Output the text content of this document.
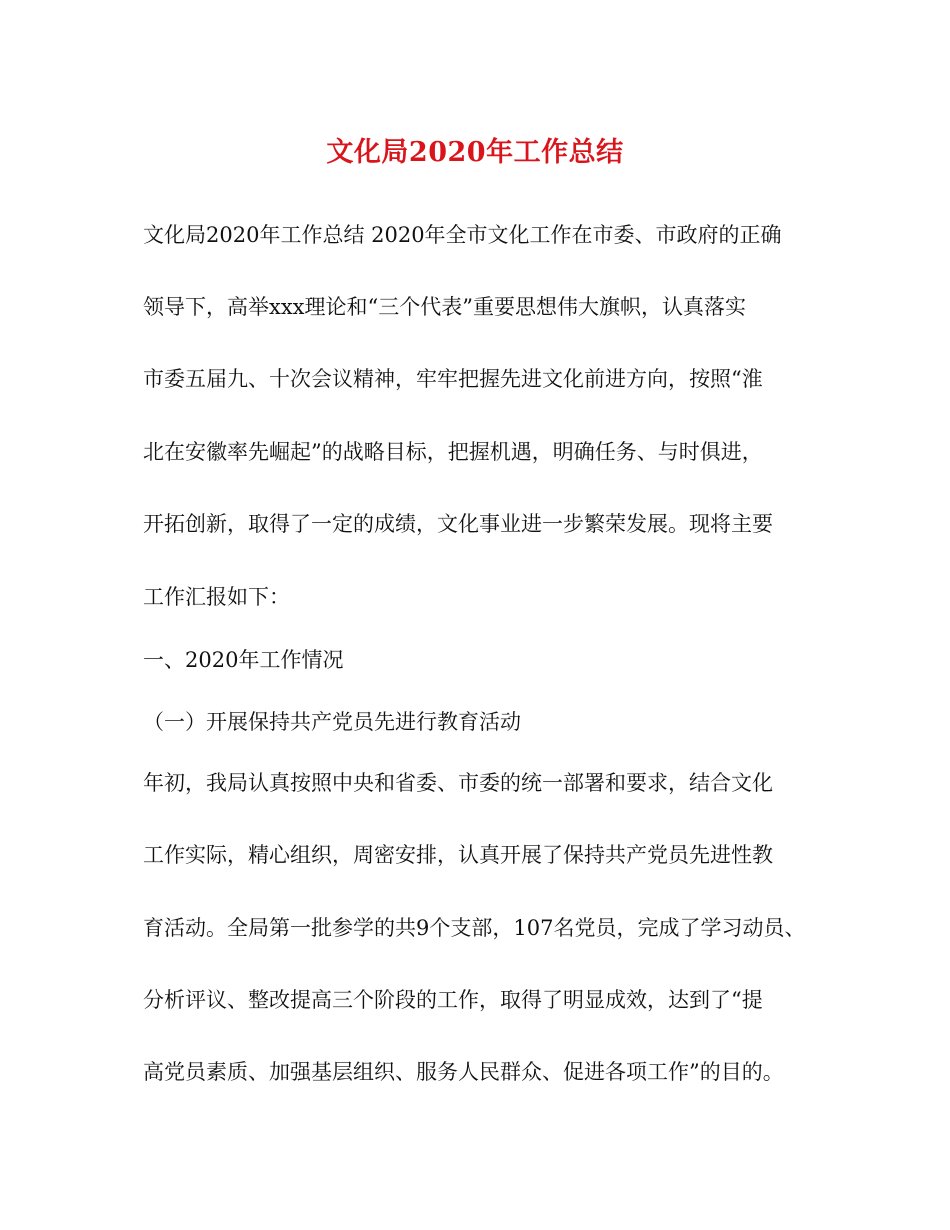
文化局2020年工作总结
文化局2020年工作总结 2020年全市文化工作在市委、市政府的正确
领导下，高举xxx理论和“三个代表”重要思想伟大旗帜，认真落实
市委五届九、十次会议精神，牢牢把握先进文化前进方向，按照“淮
北在安徽率先崛起”的战略目标，把握机遇，明确任务、与时俱进，
开拓创新，取得了一定的成绩，文化事业进一步繁荣发展。现将主要
工作汇报如下：
一、2020年工作情况
（一）开展保持共产党员先进行教育活动
年初，我局认真按照中央和省委、市委的统一部署和要求，结合文化
工作实际，精心组织，周密安排，认真开展了保持共产党员先进性教
育活动。全局第一批参学的共9个支部，107名党员，完成了学习动员、
分析评议、整改提高三个阶段的工作，取得了明显成效，达到了“提
高党员素质、加强基层组织、服务人民群众、促进各项工作”的目的。
